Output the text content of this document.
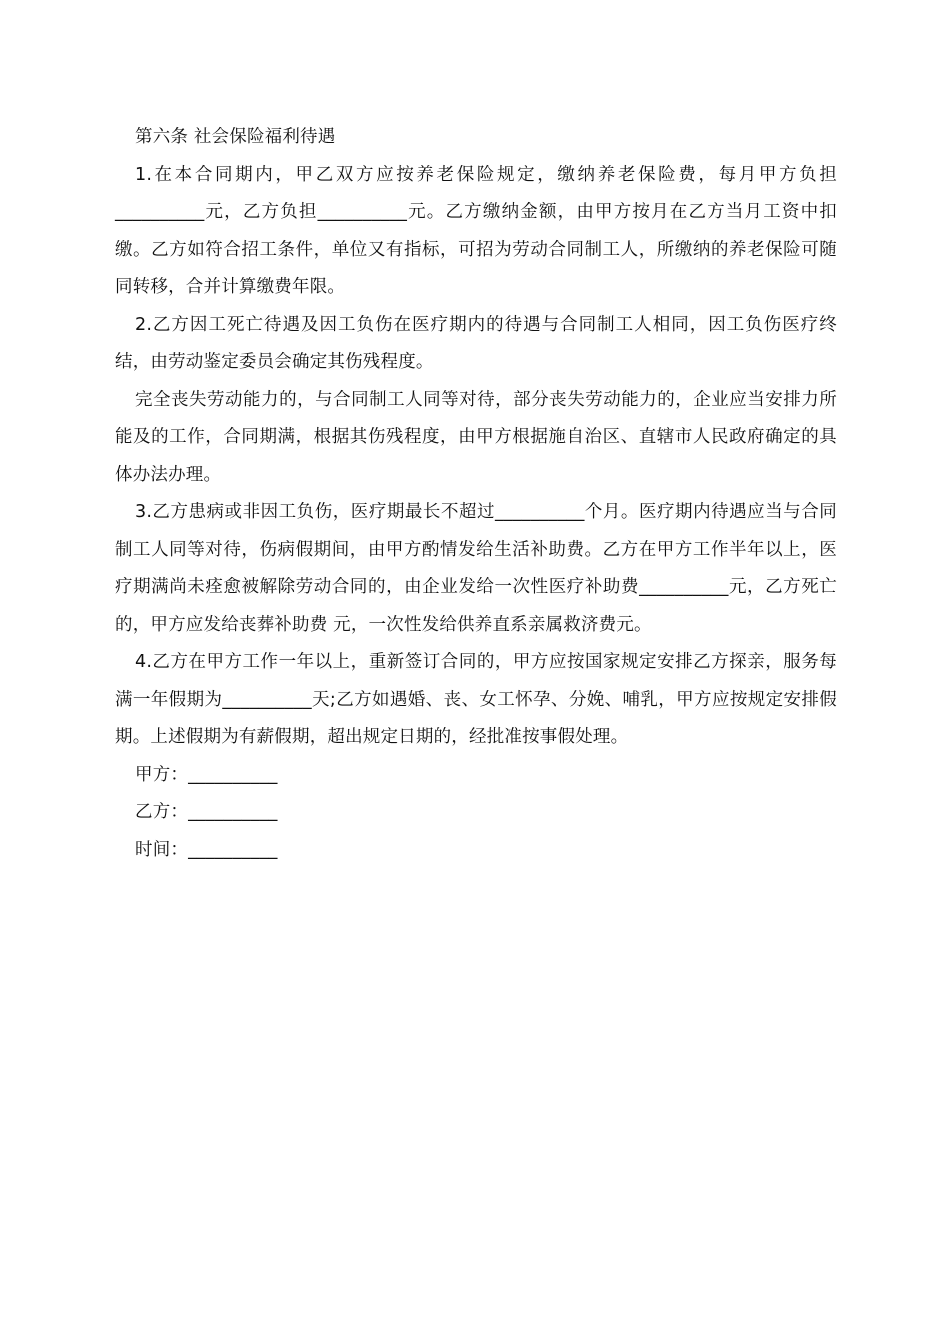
第六条 社会保险福利待遇

1.在本合同期内，甲乙双方应按养老保险规定，缴纳养老保险费，每月甲方负担__________元，乙方负担__________元。乙方缴纳金额，由甲方按月在乙方当月工资中扣缴。乙方如符合招工条件，单位又有指标，可招为劳动合同制工人，所缴纳的养老保险可随同转移，合并计算缴费年限。

2.乙方因工死亡待遇及因工负伤在医疗期内的待遇与合同制工人相同，因工负伤医疗终结，由劳动鉴定委员会确定其伤残程度。

完全丧失劳动能力的，与合同制工人同等对待，部分丧失劳动能力的，企业应当安排力所能及的工作，合同期满，根据其伤残程度，由甲方根据施自治区、直辖市人民政府确定的具体办法办理。

3.乙方患病或非因工负伤，医疗期最长不超过__________个月。医疗期内待遇应当与合同制工人同等对待，伤病假期间，由甲方酌情发给生活补助费。乙方在甲方工作半年以上，医疗期满尚未痊愈被解除劳动合同的，由企业发给一次性医疗补助费__________元，乙方死亡的，甲方应发给丧葬补助费 元，一次性发给供养直系亲属救济费元。

4.乙方在甲方工作一年以上，重新签订合同的，甲方应按国家规定安排乙方探亲，服务每满一年假期为__________天;乙方如遇婚、丧、女工怀孕、分娩、哺乳，甲方应按规定安排假期。上述假期为有薪假期，超出规定日期的，经批准按事假处理。

甲方：__________

乙方：__________

时间：__________
